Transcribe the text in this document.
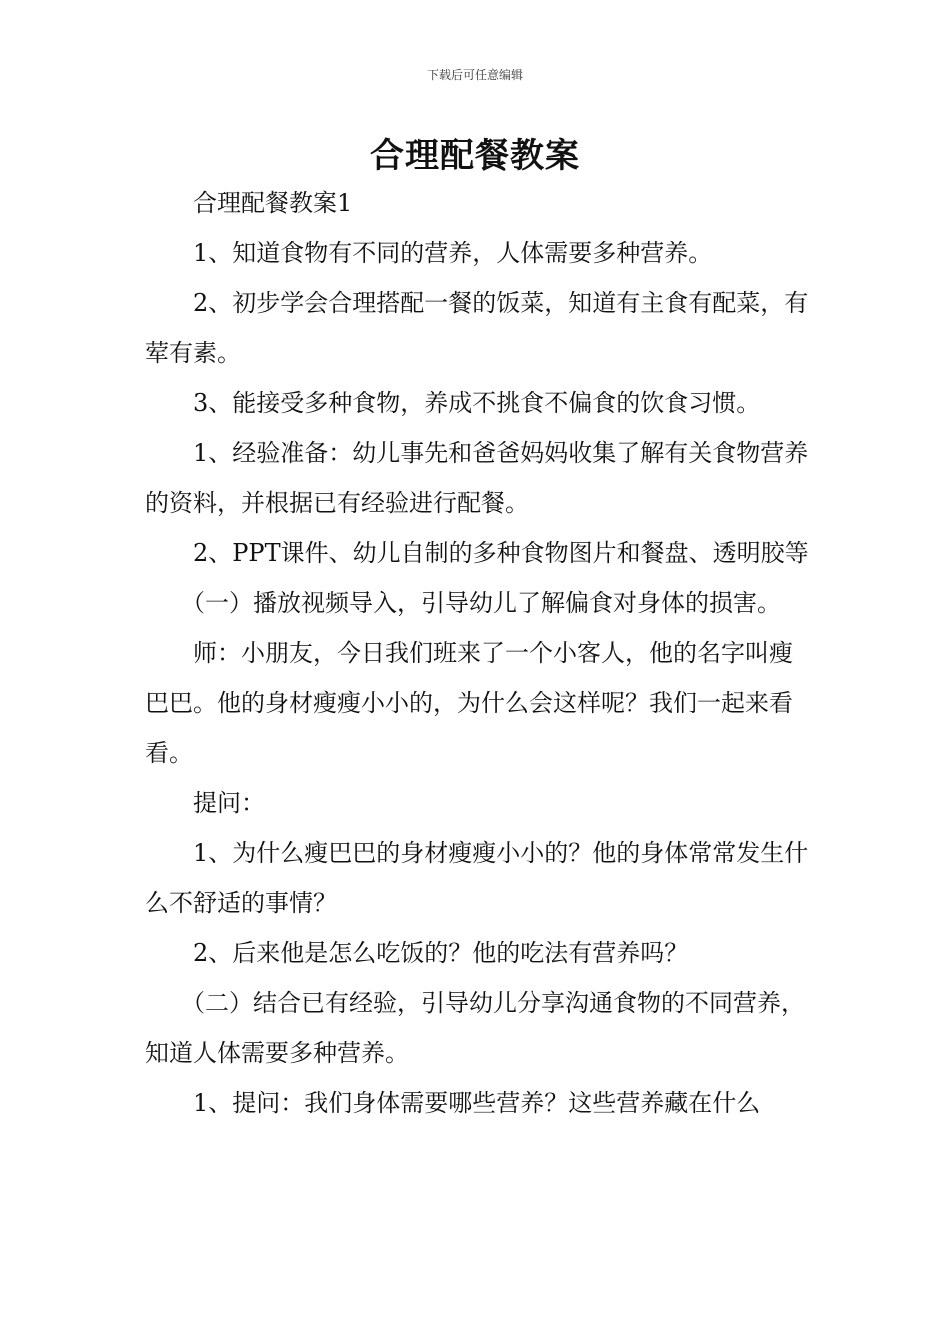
下载后可任意编辑
合理配餐教案

合理配餐教案1

1、知道食物有不同的营养，人体需要多种营养。

2、初步学会合理搭配一餐的饭菜，知道有主食有配菜，有荤有素。

3、能接受多种食物，养成不挑食不偏食的饮食习惯。

1、经验准备：幼儿事先和爸爸妈妈收集了解有关食物营养的资料，并根据已有经验进行配餐。

2、PPT课件、幼儿自制的多种食物图片和餐盘、透明胶等

（一）播放视频导入，引导幼儿了解偏食对身体的损害。

师：小朋友，今日我们班来了一个小客人，他的名字叫瘦巴巴。他的身材瘦瘦小小的，为什么会这样呢？我们一起来看看。

提问：

1、为什么瘦巴巴的身材瘦瘦小小的？他的身体常常发生什么不舒适的事情？

2、后来他是怎么吃饭的？他的吃法有营养吗？

（二）结合已有经验，引导幼儿分享沟通食物的不同营养，知道人体需要多种营养。

1、提问：我们身体需要哪些营养？这些营养藏在什么
